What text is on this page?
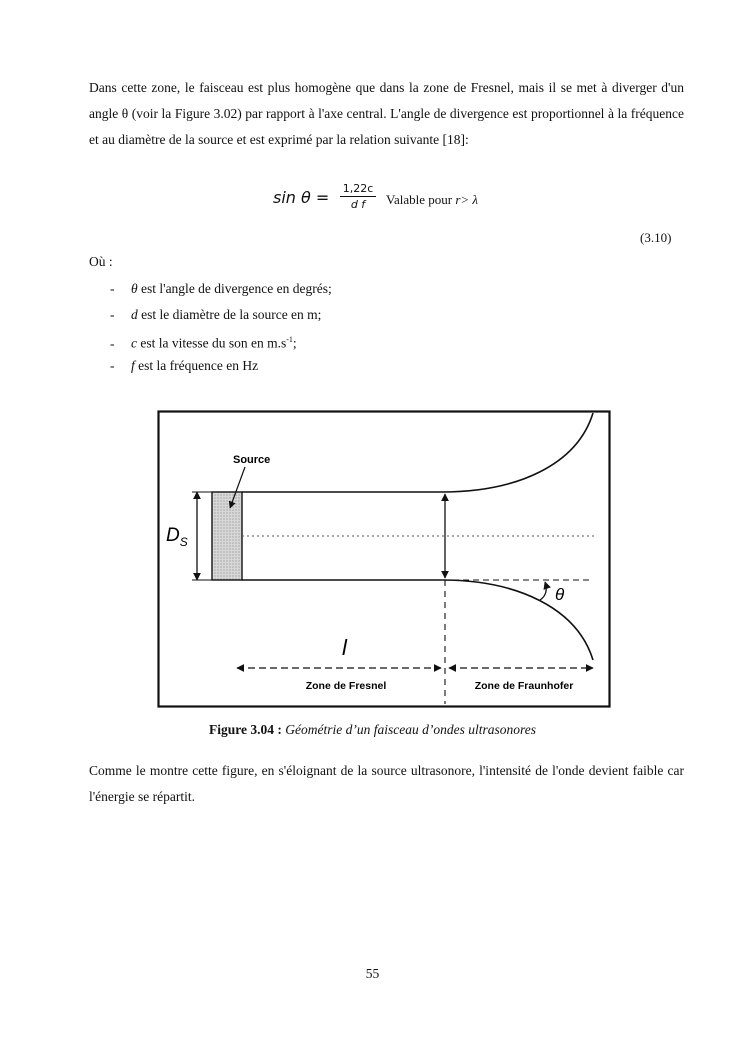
Dans cette zone, le faisceau est plus homogène que dans la zone de Fresnel, mais il se met à diverger d'un angle θ (voir la Figure 3.02) par rapport à l'axe central. L'angle de divergence est proportionnel à la fréquence et au diamètre de la source et est exprimé par la relation suivante [18]:
$\sin \theta = \frac{1,22c}{\text{d f}}$ Valable pour r> λ
(3.10)
Où :
- θ est l'angle de divergence en degrés;
- d est le diamètre de la source en m;
- c est la vitesse du son en $m.s^{-1}$;
- f est la fréquence en Hz
θ
$D_S$
Source
l
Zone de Fresnel	Zone de Fraunhofer
Figure 3.04 : Géométrie d’un faisceau d’ondes ultrasonores
Comme le montre cette figure, en s'éloignant de la source ultrasonore, l'intensité de l'onde devient faible car l'énergie se répartit.
55
